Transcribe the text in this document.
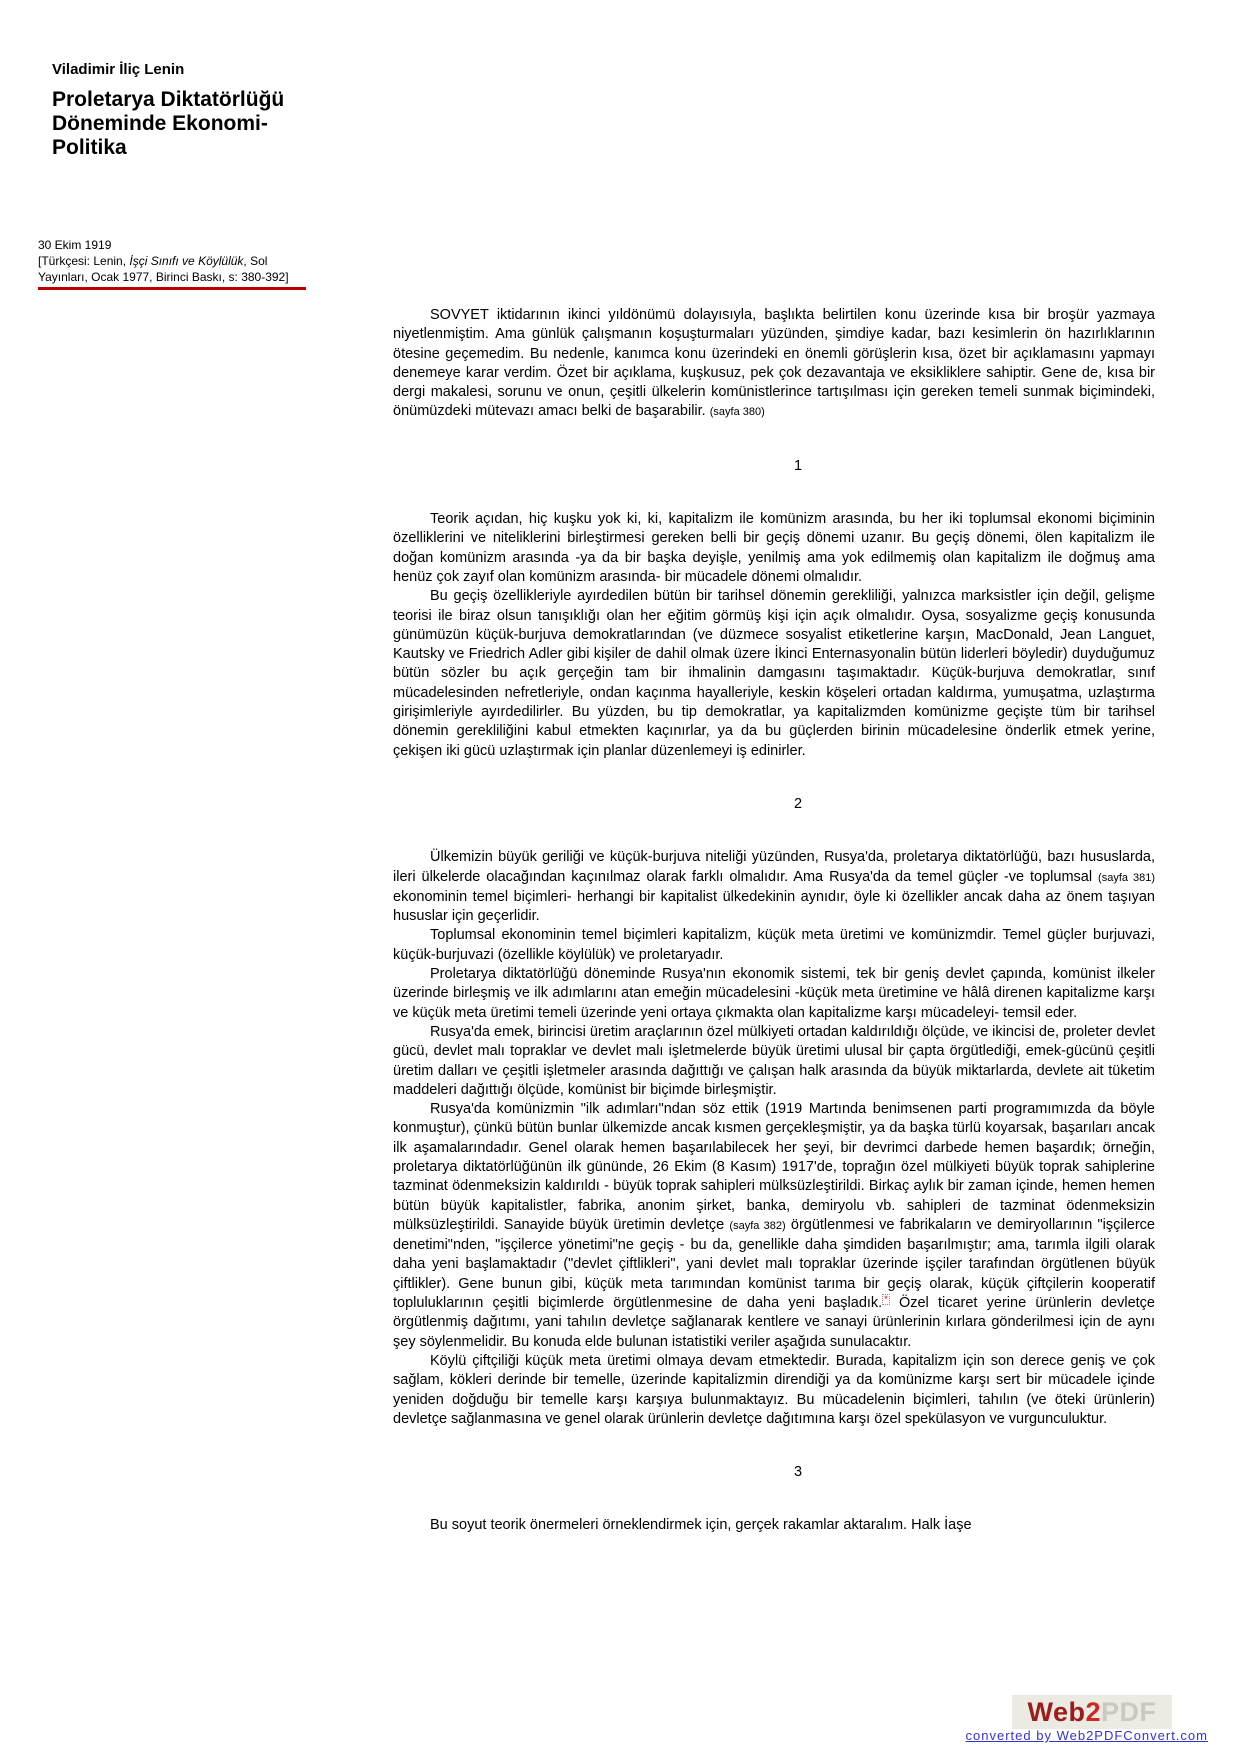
Viladimir İliç Lenin
Proletarya Diktatörlüğü
Döneminde Ekonomi-
Politika
30 Ekim 1919
[Türkçesi: Lenin, İşçi Sınıfı ve Köylülük, Sol
Yayınları, Ocak 1977, Birinci Baskı, s: 380-392]
SOVYET iktidarının ikinci yıldönümü dolayısıyla, başlıkta belirtilen konu üzerinde kısa bir broşür yazmaya niyetlenmiştim. Ama günlük çalışmanın koşuşturmaları yüzünden, şimdiye kadar, bazı kesimlerin ön hazırlıklarının ötesine geçemedim. Bu nedenle, kanımca konu üzerindeki en önemli görüşlerin kısa, özet bir açıklamasını yapmayı denemeye karar verdim. Özet bir açıklama, kuşkusuz, pek çok dezavantaja ve eksikliklere sahiptir. Gene de, kısa bir dergi makalesi, sorunu ve onun, çeşitli ülkelerin komünistlerince tartışılması için gereken temeli sunmak biçimindeki, önümüzdeki mütevazı amacı belki de başarabilir. (sayfa 380)
1
Teorik açıdan, hiç kuşku yok ki, ki, kapitalizm ile komünizm arasında, bu her iki toplumsal ekonomi biçiminin özelliklerini ve niteliklerini birleştirmesi gereken belli bir geçiş dönemi uzanır. Bu geçiş dönemi, ölen kapitalizm ile doğan komünizm arasında -ya da bir başka deyişle, yenilmiş ama yok edilmemiş olan kapitalizm ile doğmuş ama henüz çok zayıf olan komünizm arasında- bir mücadele dönemi olmalıdır.
Bu geçiş özellikleriyle ayırdedilen bütün bir tarihsel dönemin gerekliliği, yalnızca marksistler için değil, gelişme teorisi ile biraz olsun tanışıklığı olan her eğitim görmüş kişi için açık olmalıdır. Oysa, sosyalizme geçiş konusunda günümüzün küçük-burjuva demokratlarından (ve düzmece sosyalist etiketlerine karşın, MacDonald, Jean Languet, Kautsky ve Friedrich Adler gibi kişiler de dahil olmak üzere İkinci Enternasyonalin bütün liderleri böyledir) duyduğumuz bütün sözler bu açık gerçeğin tam bir ihmalinin damgasını taşımaktadır. Küçük-burjuva demokratlar, sınıf mücadelesinden nefretleriyle, ondan kaçınma hayalleriyle, keskin köşeleri ortadan kaldırma, yumuşatma, uzlaştırma girişimleriyle ayırdedilirler. Bu yüzden, bu tip demokratlar, ya kapitalizmden komünizme geçişte tüm bir tarihsel dönemin gerekliliğini kabul etmekten kaçınırlar, ya da bu güçlerden birinin mücadelesine önderlik etmek yerine, çekişen iki gücü uzlaştırmak için planlar düzenlemeyi iş edinirler.
2
Ülkemizin büyük geriliği ve küçük-burjuva niteliği yüzünden, Rusya'da, proletarya diktatörlüğü, bazı hususlarda, ileri ülkelerde olacağından kaçınılmaz olarak farklı olmalıdır. Ama Rusya'da da temel güçler -ve toplumsal (sayfa 381) ekonominin temel biçimleri- herhangi bir kapitalist ülkedekinin aynıdır, öyle ki özellikler ancak daha az önem taşıyan hususlar için geçerlidir.
Toplumsal ekonominin temel biçimleri kapitalizm, küçük meta üretimi ve komünizmdir. Temel güçler burjuvazi, küçük-burjuvazi (özellikle köylülük) ve proletaryadır.
Proletarya diktatörlüğü döneminde Rusya'nın ekonomik sistemi, tek bir geniş devlet çapında, komünist ilkeler üzerinde birleşmiş ve ilk adımlarını atan emeğin mücadelesini -küçük meta üretimine ve hâlâ direnen kapitalizme karşı ve küçük meta üretimi temeli üzerinde yeni ortaya çıkmakta olan kapitalizme karşı mücadeleyi- temsil eder.
Rusya'da emek, birincisi üretim araçlarının özel mülkiyeti ortadan kaldırıldığı ölçüde, ve ikincisi de, proleter devlet gücü, devlet malı topraklar ve devlet malı işletmelerde büyük üretimi ulusal bir çapta örgütlediği, emek-gücünü çeşitli üretim dalları ve çeşitli işletmeler arasında dağıttığı ve çalışan halk arasında da büyük miktarlarda, devlete ait tüketim maddeleri dağıttığı ölçüde, komünist bir biçimde birleşmiştir.
Rusya'da komünizmin "ilk adımları"ndan söz ettik (1919 Martında benimsenen parti programımızda da böyle konmuştur), çünkü bütün bunlar ülkemizde ancak kısmen gerçekleşmiştir, ya da başka türlü koyarsak, başarıları ancak ilk aşamalarındadır. Genel olarak hemen başarılabilecek her şeyi, bir devrimci darbede hemen başardık; örneğin, proletarya diktatörlüğünün ilk gününde, 26 Ekim (8 Kasım) 1917'de, toprağın özel mülkiyeti büyük toprak sahiplerine tazminat ödenmeksizin kaldırıldı - büyük toprak sahipleri mülksüzleştirildi. Birkaç aylık bir zaman içinde, hemen hemen bütün büyük kapitalistler, fabrika, anonim şirket, banka, demiryolu vb. sahipleri de tazminat ödenmeksizin mülksüzleştirildi. Sanayide büyük üretimin devletçe (sayfa 382) örgütlenmesi ve fabrikaların ve demiryollarının "işçilerce denetimi"nden, "işçilerce yönetimi"ne geçiş - bu da, genellikle daha şimdiden başarılmıştır; ama, tarımla ilgili olarak daha yeni başlamaktadır ("devlet çiftlikleri", yani devlet malı topraklar üzerinde işçiler tarafından örgütlenen büyük çiftlikler). Gene bunun gibi, küçük meta tarımından komünist tarıma bir geçiş olarak, küçük çiftçilerin kooperatif topluluklarının çeşitli biçimlerde örgütlenmesine de daha yeni başladık. * Özel ticaret yerine ürünlerin devletçe örgütlenmiş dağıtımı, yani tahılın devletçe sağlanarak kentlere ve sanayi ürünlerinin kırlara gönderilmesi için de aynı şey söylenmelidir. Bu konuda elde bulunan istatistiki veriler aşağıda sunulacaktır.
Köylü çiftçiliği küçük meta üretimi olmaya devam etmektedir. Burada, kapitalizm için son derece geniş ve çok sağlam, kökleri derinde bir temelle, üzerinde kapitalizmin direndiği ya da komünizme karşı sert bir mücadele içinde yeniden doğduğu bir temelle karşı karşıya bulunmaktayız. Bu mücadelenin biçimleri, tahılın (ve öteki ürünlerin) devletçe sağlanmasına ve genel olarak ürünlerin devletçe dağıtımına karşı özel spekülasyon ve vurgunculuktur.
3
Bu soyut teorik önermeleri örneklendirmek için, gerçek rakamlar aktaralım. Halk İaşe
Web 2 PDF
converted by Web2PDFConvert.com
